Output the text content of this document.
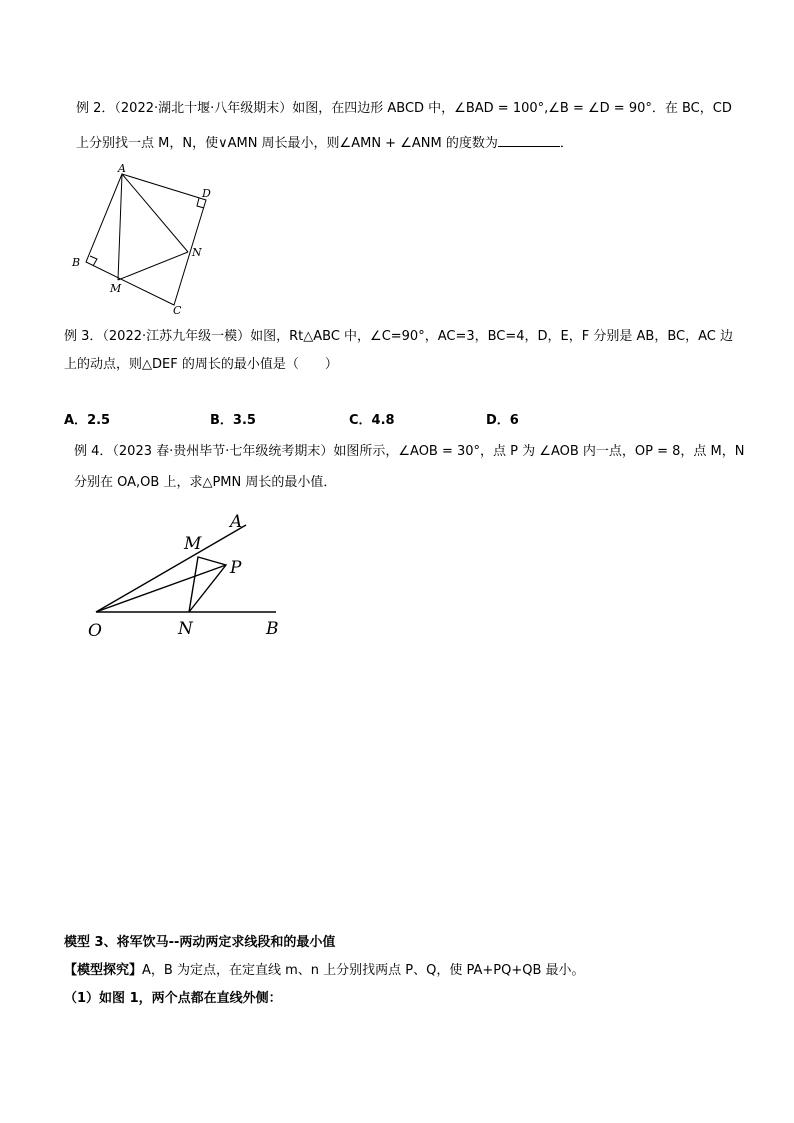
例 2．（2022·湖北十堰·八年级期末）如图，在四边形 ABCD 中，∠BAD = 100°,∠B = ∠D = 90°．在 BC，CD
上分别找一点 M，N，使∨AMN 周长最小，则∠AMN + ∠ANM 的度数为	．
A
D
B
N
M
C
例 3．（2022·江苏九年级一模）如图，Rt△ABC 中，∠C=90°，AC=3，BC=4，D，E，F 分别是 AB，BC，AC 边
上的动点，则△DEF 的周长的最小值是（　　）
A．2.5	B．3.5	C．4.8	D．6
例 4．（2023 春·贵州毕节·七年级统考期末）如图所示，∠AOB = 30°，点 P 为 ∠AOB 内一点，OP = 8，点 M，N
分别在 OA,OB 上，求△PMN 周长的最小值．
A
M
P
O	N	B
模型 3、将军饮马--两动两定求线段和的最小值
【模型探究】A，B 为定点，在定直线 m、n 上分别找两点 P、Q，使 PA+PQ+QB 最小。
（1）如图 1，两个点都在直线外侧：
